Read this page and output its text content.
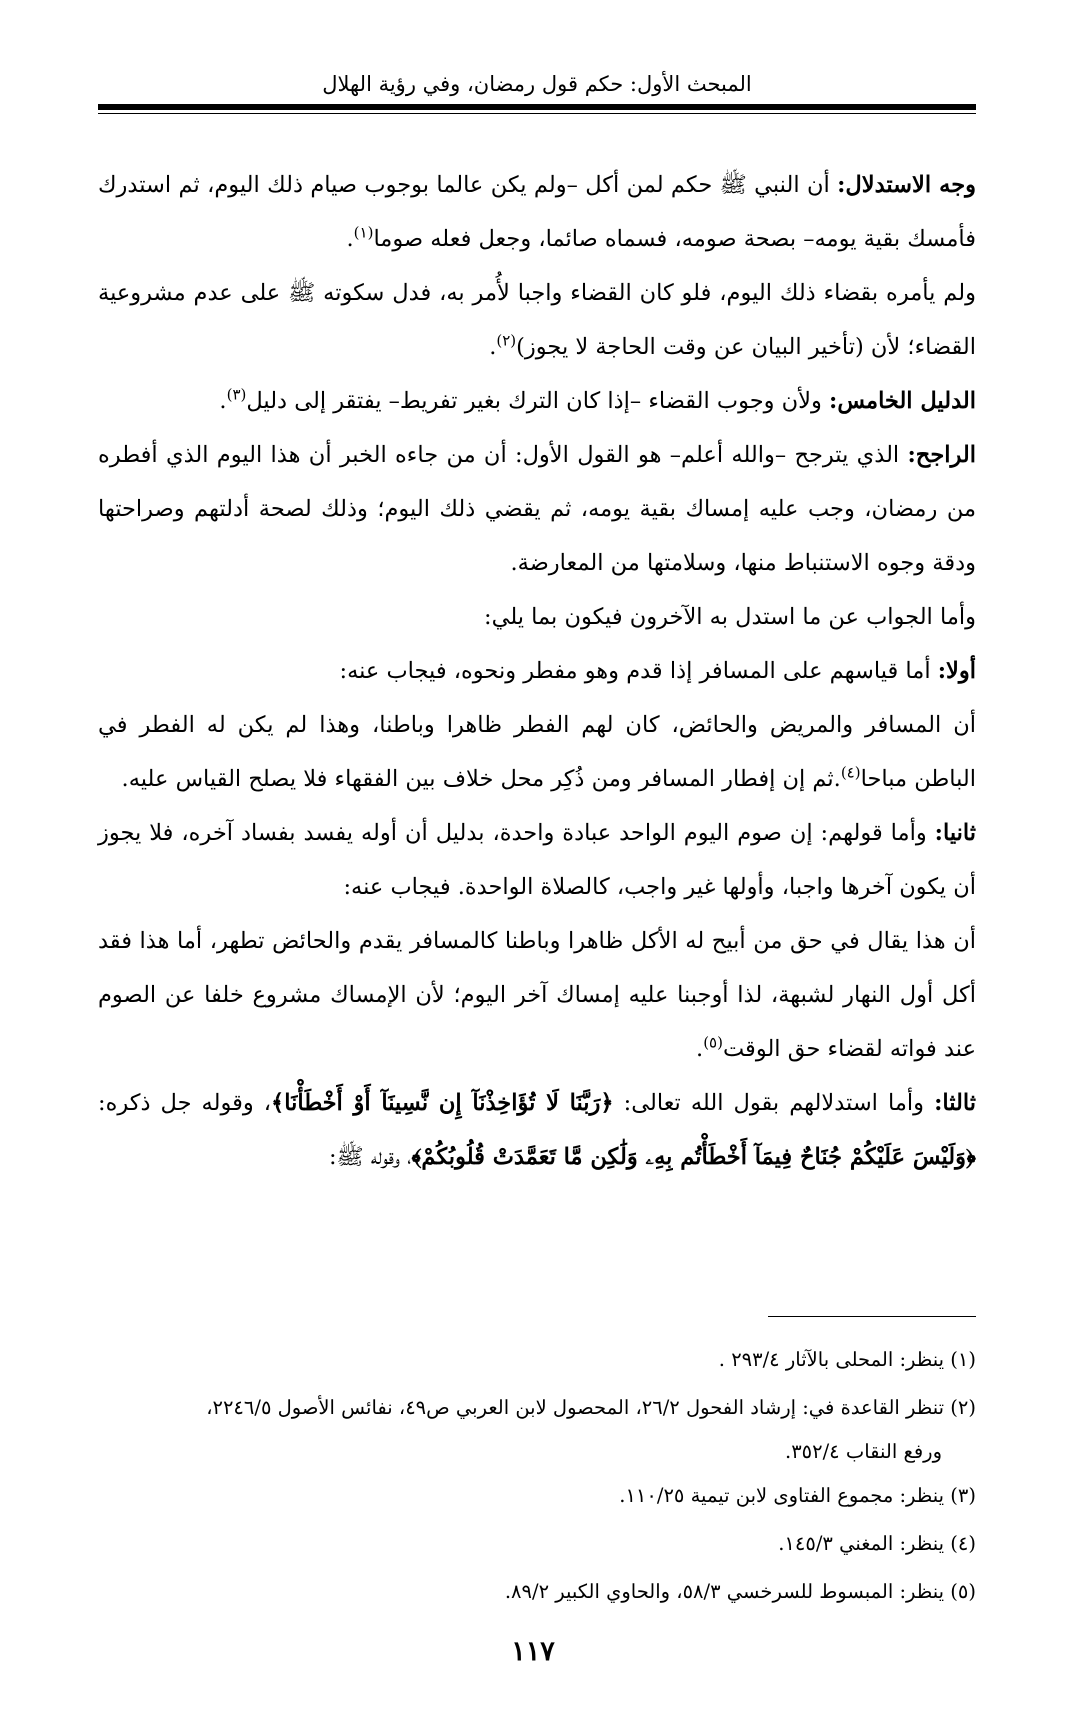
المبحث الأول: حكم قول رمضان، وفي رؤية الهلال

وجه الاستدلال: أن النبي ﷺ حكم لمن أكل –ولم يكن عالما بوجوب صيام ذلك اليوم، ثم استدرك فأمسك بقية يومه– بصحة صومه، فسماه صائما، وجعل فعله صوما$^{(١)}$.

ولم يأمره بقضاء ذلك اليوم، فلو كان القضاء واجبا لأُمر به، فدل سكوته ﷺ على عدم مشروعية القضاء؛ لأن (تأخير البيان عن وقت الحاجة لا يجوز)$^{(٢)}$.

الدليل الخامس: ولأن وجوب القضاء –إذا كان الترك بغير تفريط– يفتقر إلى دليل$^{(٣)}$.

الراجح: الذي يترجح –والله أعلم– هو القول الأول: أن من جاءه الخبر أن هذا اليوم الذي أفطره من رمضان، وجب عليه إمساك بقية يومه، ثم يقضي ذلك اليوم؛ وذلك لصحة أدلتهم وصراحتها ودقة وجوه الاستنباط منها، وسلامتها من المعارضة.

وأما الجواب عن ما استدل به الآخرون فيكون بما يلي:

أولا: أما قياسهم على المسافر إذا قدم وهو مفطر ونحوه، فيجاب عنه:

أن المسافر والمريض والحائض، كان لهم الفطر ظاهرا وباطنا، وهذا لم يكن له الفطر في الباطن مباحا$^{(٤)}$.ثم إن إفطار المسافر ومن ذُكِر محل خلاف بين الفقهاء فلا يصلح القياس عليه.

ثانيا: وأما قولهم: إن صوم اليوم الواحد عبادة واحدة، بدليل أن أوله يفسد بفساد آخره، فلا يجوز أن يكون آخرها واجبا، وأولها غير واجب، كالصلاة الواحدة. فيجاب عنه:

أن هذا يقال في حق من أبيح له الأكل ظاهرا وباطنا كالمسافر يقدم والحائض تطهر، أما هذا فقد أكل أول النهار لشبهة، لذا أوجبنا عليه إمساك آخر اليوم؛ لأن الإمساك مشروع خلفا عن الصوم عند فواته لقضاء حق الوقت$^{(٥)}$.

ثالثا: وأما استدلالهم بقول الله تعالى: ﴿رَبَّنَا لَا تُؤَاخِذْنَآ إِن نَّسِينَآ أَوْ أَخْطَأْنَا﴾، وقوله جل ذكره: ﴿وَلَيْسَ عَلَيْكُمْ جُنَاحٌ فِيمَآ أَخْطَأْتُم بِهِۦ وَلَٰكِن مَّا تَعَمَّدَتْ قُلُوبُكُمْ﴾، وقوله ﷺ:

(١) ينظر: المحلى بالآثار ٢٩٣/٤ .

(٢) تنظر القاعدة في: إرشاد الفحول ٢٦/٢، المحصول لابن العربي ص٤٩، نفائس الأصول ٢٢٤٦/٥،

ورفع النقاب ٣٥٢/٤.

(٣) ينظر: مجموع الفتاوى لابن تيمية ١١٠/٢٥.

(٤) ينظر: المغني ١٤٥/٣.

(٥) ينظر: المبسوط للسرخسي ٥٨/٣، والحاوي الكبير ٨٩/٢.

١١٧
